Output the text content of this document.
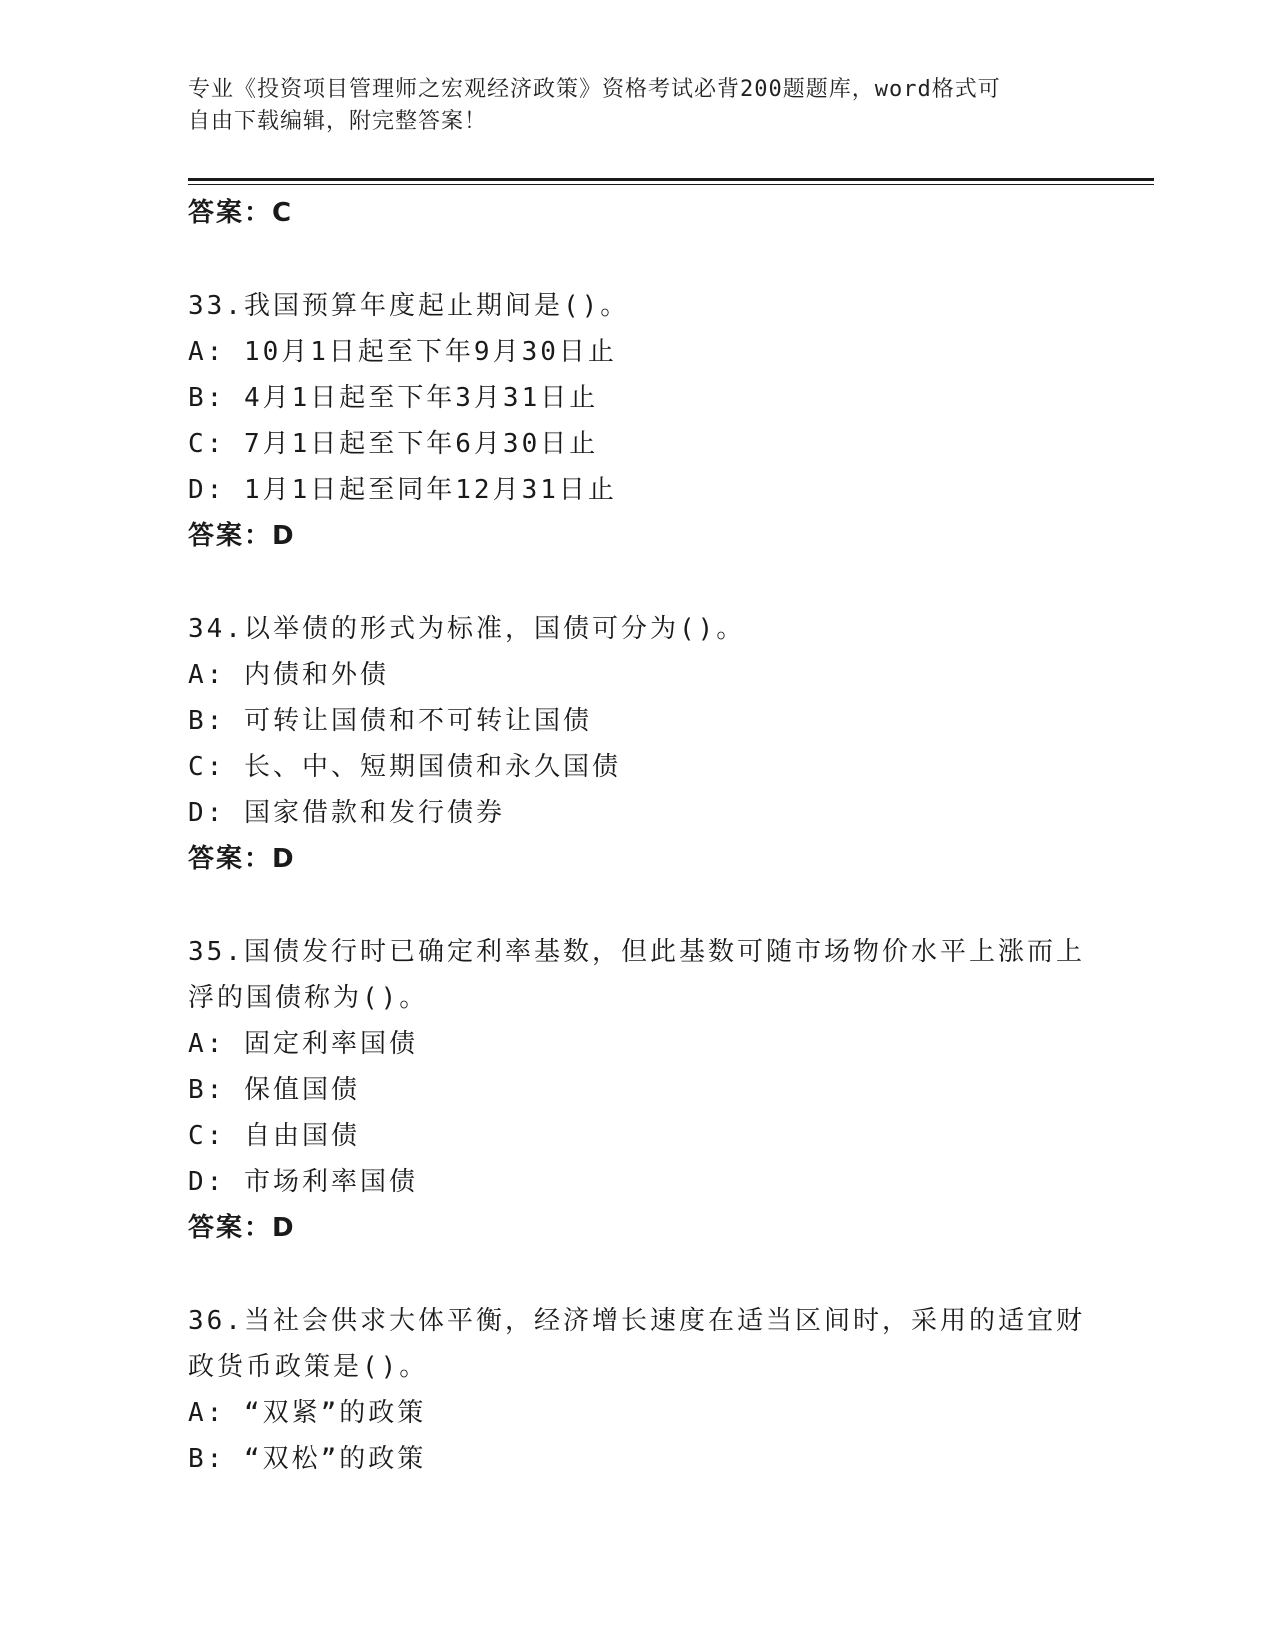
专业《投资项目管理师之宏观经济政策》资格考试必背200题题库，word格式可
自由下载编辑，附完整答案！
答案：C
33.我国预算年度起止期间是()。
A: 10月1日起至下年9月30日止
B: 4月1日起至下年3月31日止
C: 7月1日起至下年6月30日止
D: 1月1日起至同年12月31日止
答案：D
34.以举债的形式为标准，国债可分为()。
A: 内债和外债
B: 可转让国债和不可转让国债
C: 长、中、短期国债和永久国债
D: 国家借款和发行债券
答案：D
35.国债发行时已确定利率基数，但此基数可随市场物价水平上涨而上
浮的国债称为()。
A: 固定利率国债
B: 保值国债
C: 自由国债
D: 市场利率国债
答案：D
36.当社会供求大体平衡，经济增长速度在适当区间时，采用的适宜财
政货币政策是()。
A: “双紧”的政策
B: “双松”的政策
